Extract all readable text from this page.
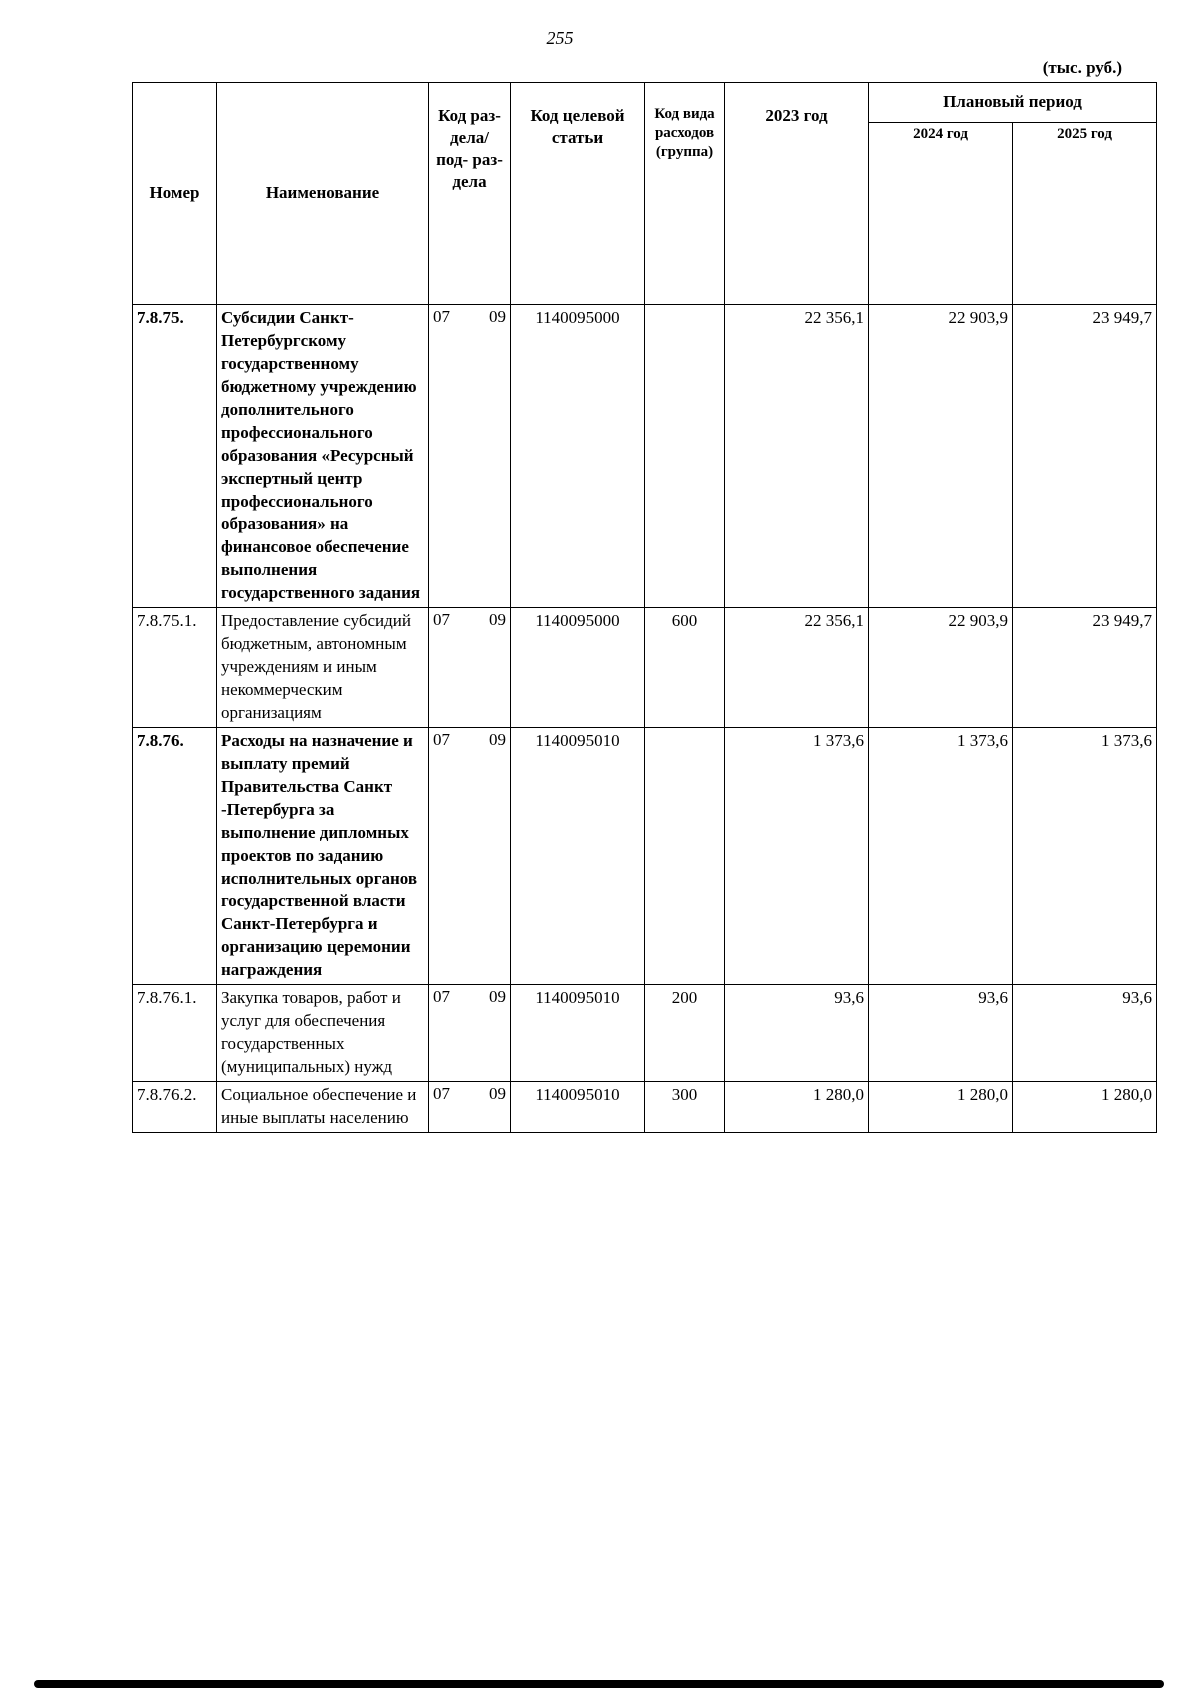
255
(тыс. руб.)
Номер	Наименование	Код раз- дела/ под- раз- дела	Код целевой статьи	Код вида расходов (группа)	2023 год	Плановый период	
						2024 год	2025 год
7.8.75.	Субсидии Санкт-Петербургскому государственному бюджетному учреждению дополнительного профессионального образования «Ресурсный экспертный центр профессионального образования» на финансовое обеспечение выполнения государственного задания	07 09	1140095000		22 356,1	22 903,9	23 949,7
7.8.75.1.	Предоставление субсидий бюджетным, автономным учреждениям и иным некоммерческим организациям	07 09	1140095000	600	22 356,1	22 903,9	23 949,7
7.8.76.	Расходы на назначение и выплату премий Правительства Санкт -Петербурга за выполнение дипломных проектов по заданию исполнительных органов государственной власти Санкт-Петербурга и организацию церемонии награждения	07 09	1140095010		1 373,6	1 373,6	1 373,6
7.8.76.1.	Закупка товаров, работ и услуг для обеспечения государственных (муниципальных) нужд	07 09	1140095010	200	93,6	93,6	93,6
7.8.76.2.	Социальное обеспечение и иные выплаты населению	07 09	1140095010	300	1 280,0	1 280,0	1 280,0
